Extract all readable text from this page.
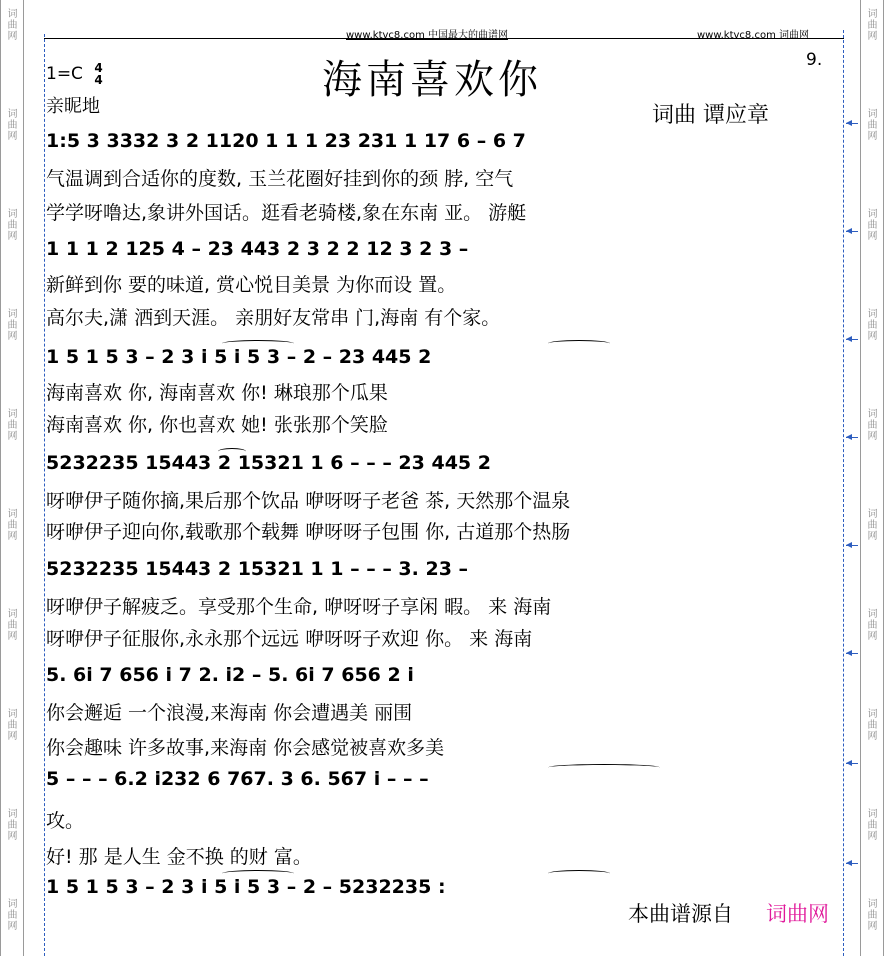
词曲网
词曲网
词曲网
词曲网
词曲网
词曲网
词曲网
词曲网
词曲网
词曲网
词曲网
词曲网
词曲网
词曲网
词曲网
词曲网
词曲网
词曲网
词曲网
词曲网
www.ktvc8.com 中国最大的曲谱网	www.ktvc8.com 词曲网
1=C 4
4
亲昵地
海南喜欢你	9.
词曲 谭应章
1:5 3 3332 3 2 1120 1 1 1 23 231 1 17 6 – 6 7
气温调到合适你的度数, 玉兰花圈好挂到你的颈 脖, 空气
学学呀噜达,象讲外国话。逛看老骑楼,象在东南 亚。 游艇
1 1 1 2 125 4 – 23 443 2 3 2 2 12 3 2 3 –
新鲜到你 要的味道, 赏心悦目美景 为你而设 置。
高尔夫,潇 洒到天涯。 亲朋好友常串 门,海南 有个家。
1 5 1 5 3 – 2 3 i 5 i 5 3 – 2 – 23 445 2
海南喜欢 你, 海南喜欢 你! 琳琅那个瓜果
海南喜欢 你, 你也喜欢 她! 张张那个笑脸
5232235 15443 2 15321 1 6 – – – 23 445 2
呀咿伊子随你摘,果后那个饮品 咿呀呀子老爸 茶, 天然那个温泉
呀咿伊子迎向你,载歌那个载舞 咿呀呀子包围 你, 古道那个热肠
5232235 15443 2 15321 1 1 – – – 3. 23 –
呀咿伊子解疲乏。享受那个生命, 咿呀呀子享闲 暇。 来 海南
呀咿伊子征服你,永永那个远远 咿呀呀子欢迎 你。 来 海南
5. 6i 7 656 i 7 2. i2 – 5. 6i 7 656 2 i
你会邂逅 一个浪漫,来海南 你会遭遇美 丽围
你会趣味 许多故事,来海南 你会感觉被喜欢多美
5 – – – 6.2 i232 6 767. 3 6. 567 i – – –
攻。
好! 那 是人生 金不换 的财 富。
1 5 1 5 3 – 2 3 i 5 i 5 3 – 2 – 5232235 :
本曲谱源自 词曲网
